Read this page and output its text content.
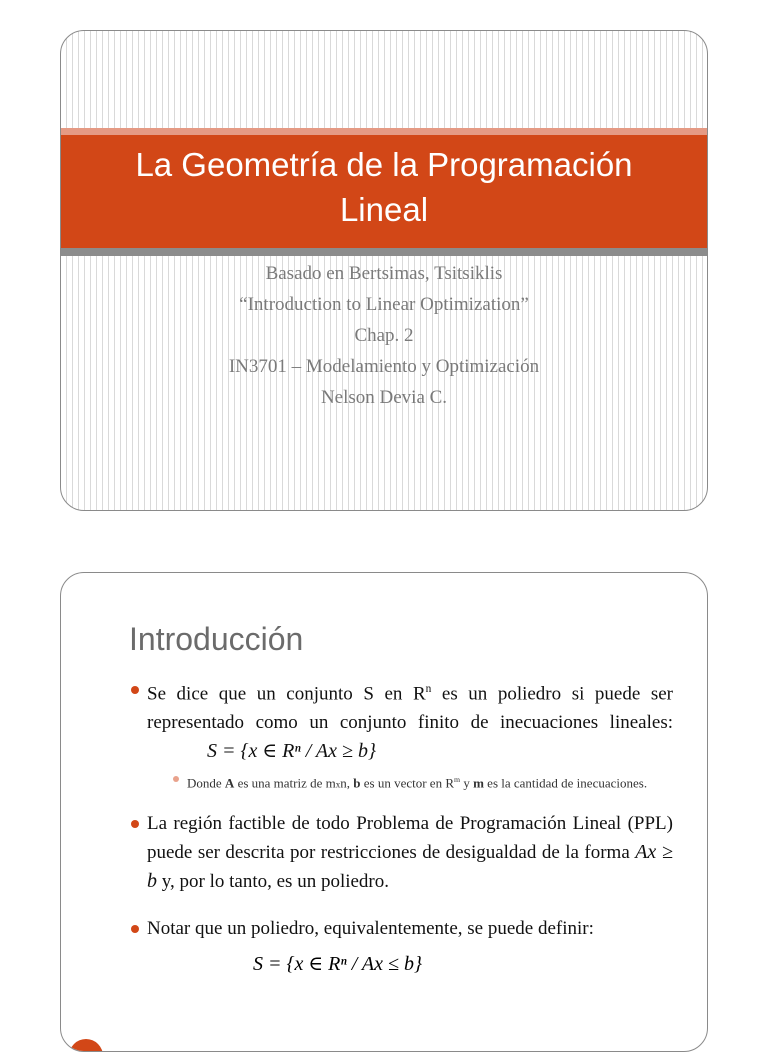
La Geometría de la Programación Lineal
Basado en Bertsimas, Tsitsiklis
“Introduction to Linear Optimization”
Chap. 2
IN3701 – Modelamiento y Optimización
Nelson Devia C.
Introducción
Se dice que un conjunto S en $R^n$ es un poliedro si puede ser representado como un conjunto finito de inecuaciones lineales:S = {x ∈ Rⁿ / Ax ≥ b}
Donde A es una matriz de mxn, b es un vector en $R^m$ y m es la cantidad de inecuaciones.
La región factible de todo Problema de Programación Lineal (PPL) puede ser descrita por restricciones de desigualdad de la forma Ax ≥ b y, por lo tanto, es un poliedro.
Notar que un poliedro, equivalentemente, se puede definir:
S = {x ∈ Rⁿ / Ax ≤ b}
